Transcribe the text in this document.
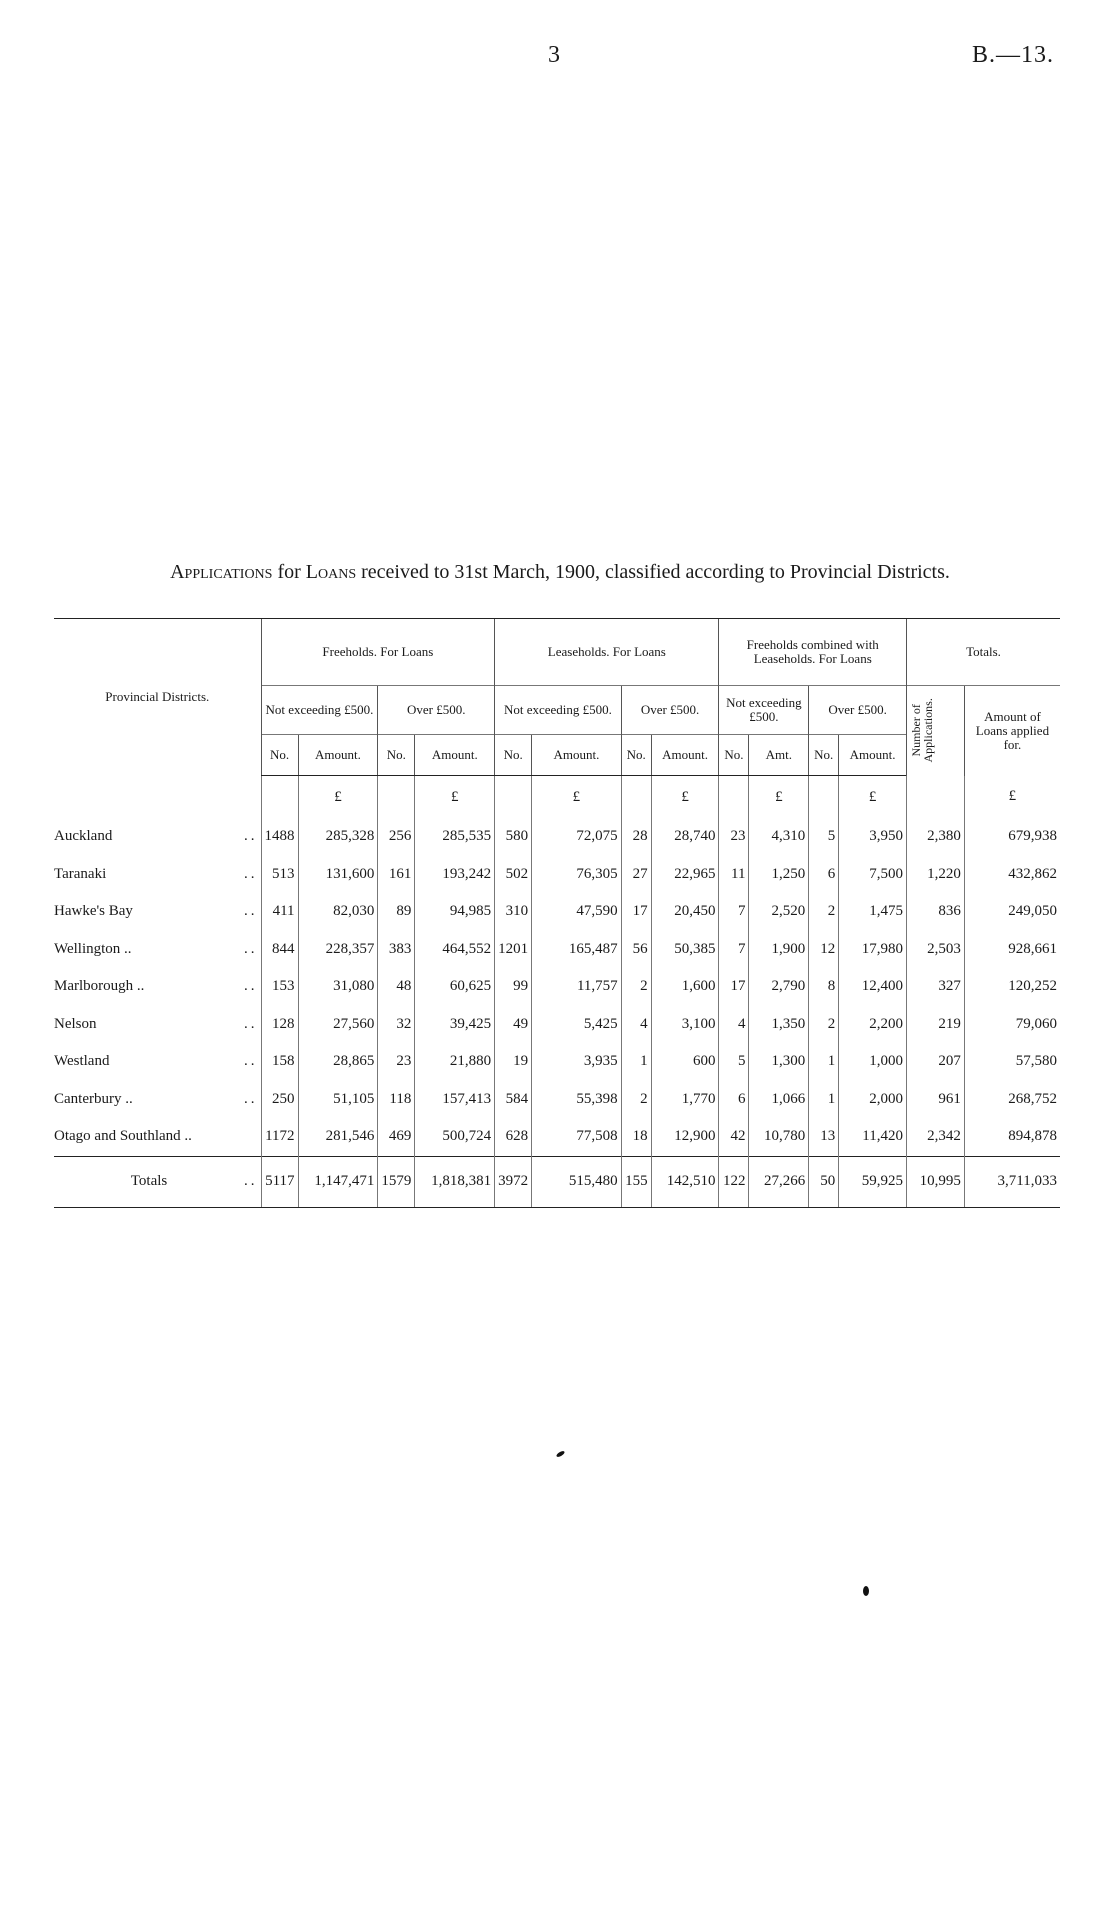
3	B.—13.
Applications for Loans received to 31st March, 1900, classified according to Provincial Districts.
Provincial Districts.	Freeholds. For Loans				Leaseholds. For Loans				Freeholds combined with Leaseholds. For Loans				Totals.	
	Not exceeding £500.		Over £500.		Not exceeding £500.		Over £500.		Not exceeding £500.		Over £500.		Number of Applications.	Amount of Loans applied for.
	No.	Amount.	No.	Amount.	No.	Amount.	No.	Amount.	No.	Amt.	No.	Amount.		
		£		£		£		£		£		£		£
Auckland ..	1488	285,328	256	285,535	580	72,075	28	28,740	23	4,310	5	3,950	2,380	679,938
Taranaki ..	513	131,600	161	193,242	502	76,305	27	22,965	11	1,250	6	7,500	1,220	432,862
Hawke's Bay ..	411	82,030	89	94,985	310	47,590	17	20,450	7	2,520	2	1,475	836	249,050
Wellington .. ..	844	228,357	383	464,552	1201	165,487	56	50,385	7	1,900	12	17,980	2,503	928,661
Marlborough .. ..	153	31,080	48	60,625	99	11,757	2	1,600	17	2,790	8	12,400	327	120,252
Nelson ..	128	27,560	32	39,425	49	5,425	4	3,100	4	1,350	2	2,200	219	79,060
Westland ..	158	28,865	23	21,880	19	3,935	1	600	5	1,300	1	1,000	207	57,580
Canterbury .. ..	250	51,105	118	157,413	584	55,398	2	1,770	6	1,066	1	2,000	961	268,752
Otago and Southland ..	1172	281,546	469	500,724	628	77,508	18	12,900	42	10,780	13	11,420	2,342	894,878
Totals ..	5117	1,147,471	1579	1,818,381	3972	515,480	155	142,510	122	27,266	50	59,925	10,995	3,711,033
